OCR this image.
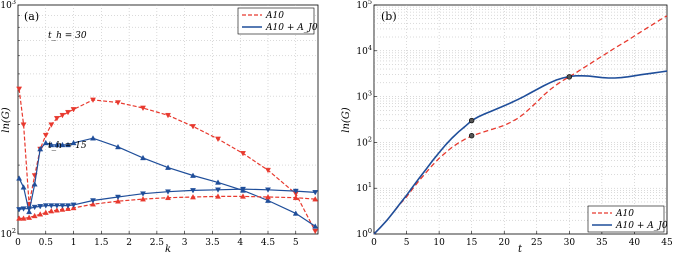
0 0.5 1 1.5 2 2.5 3 3.5 4 4.5 5
$10^2$
$10^3$
(a)
t_h = 30
t_h = 15
k
ln(G)
A10
A10 + A_J0
0	5	10 15 20 25 30 35 40 45
$10^0$
$10^1$
$10^2$
$10^3$
$10^4$
$10^5$
(b)
t
ln(G)
A10
A10 + A_J0
